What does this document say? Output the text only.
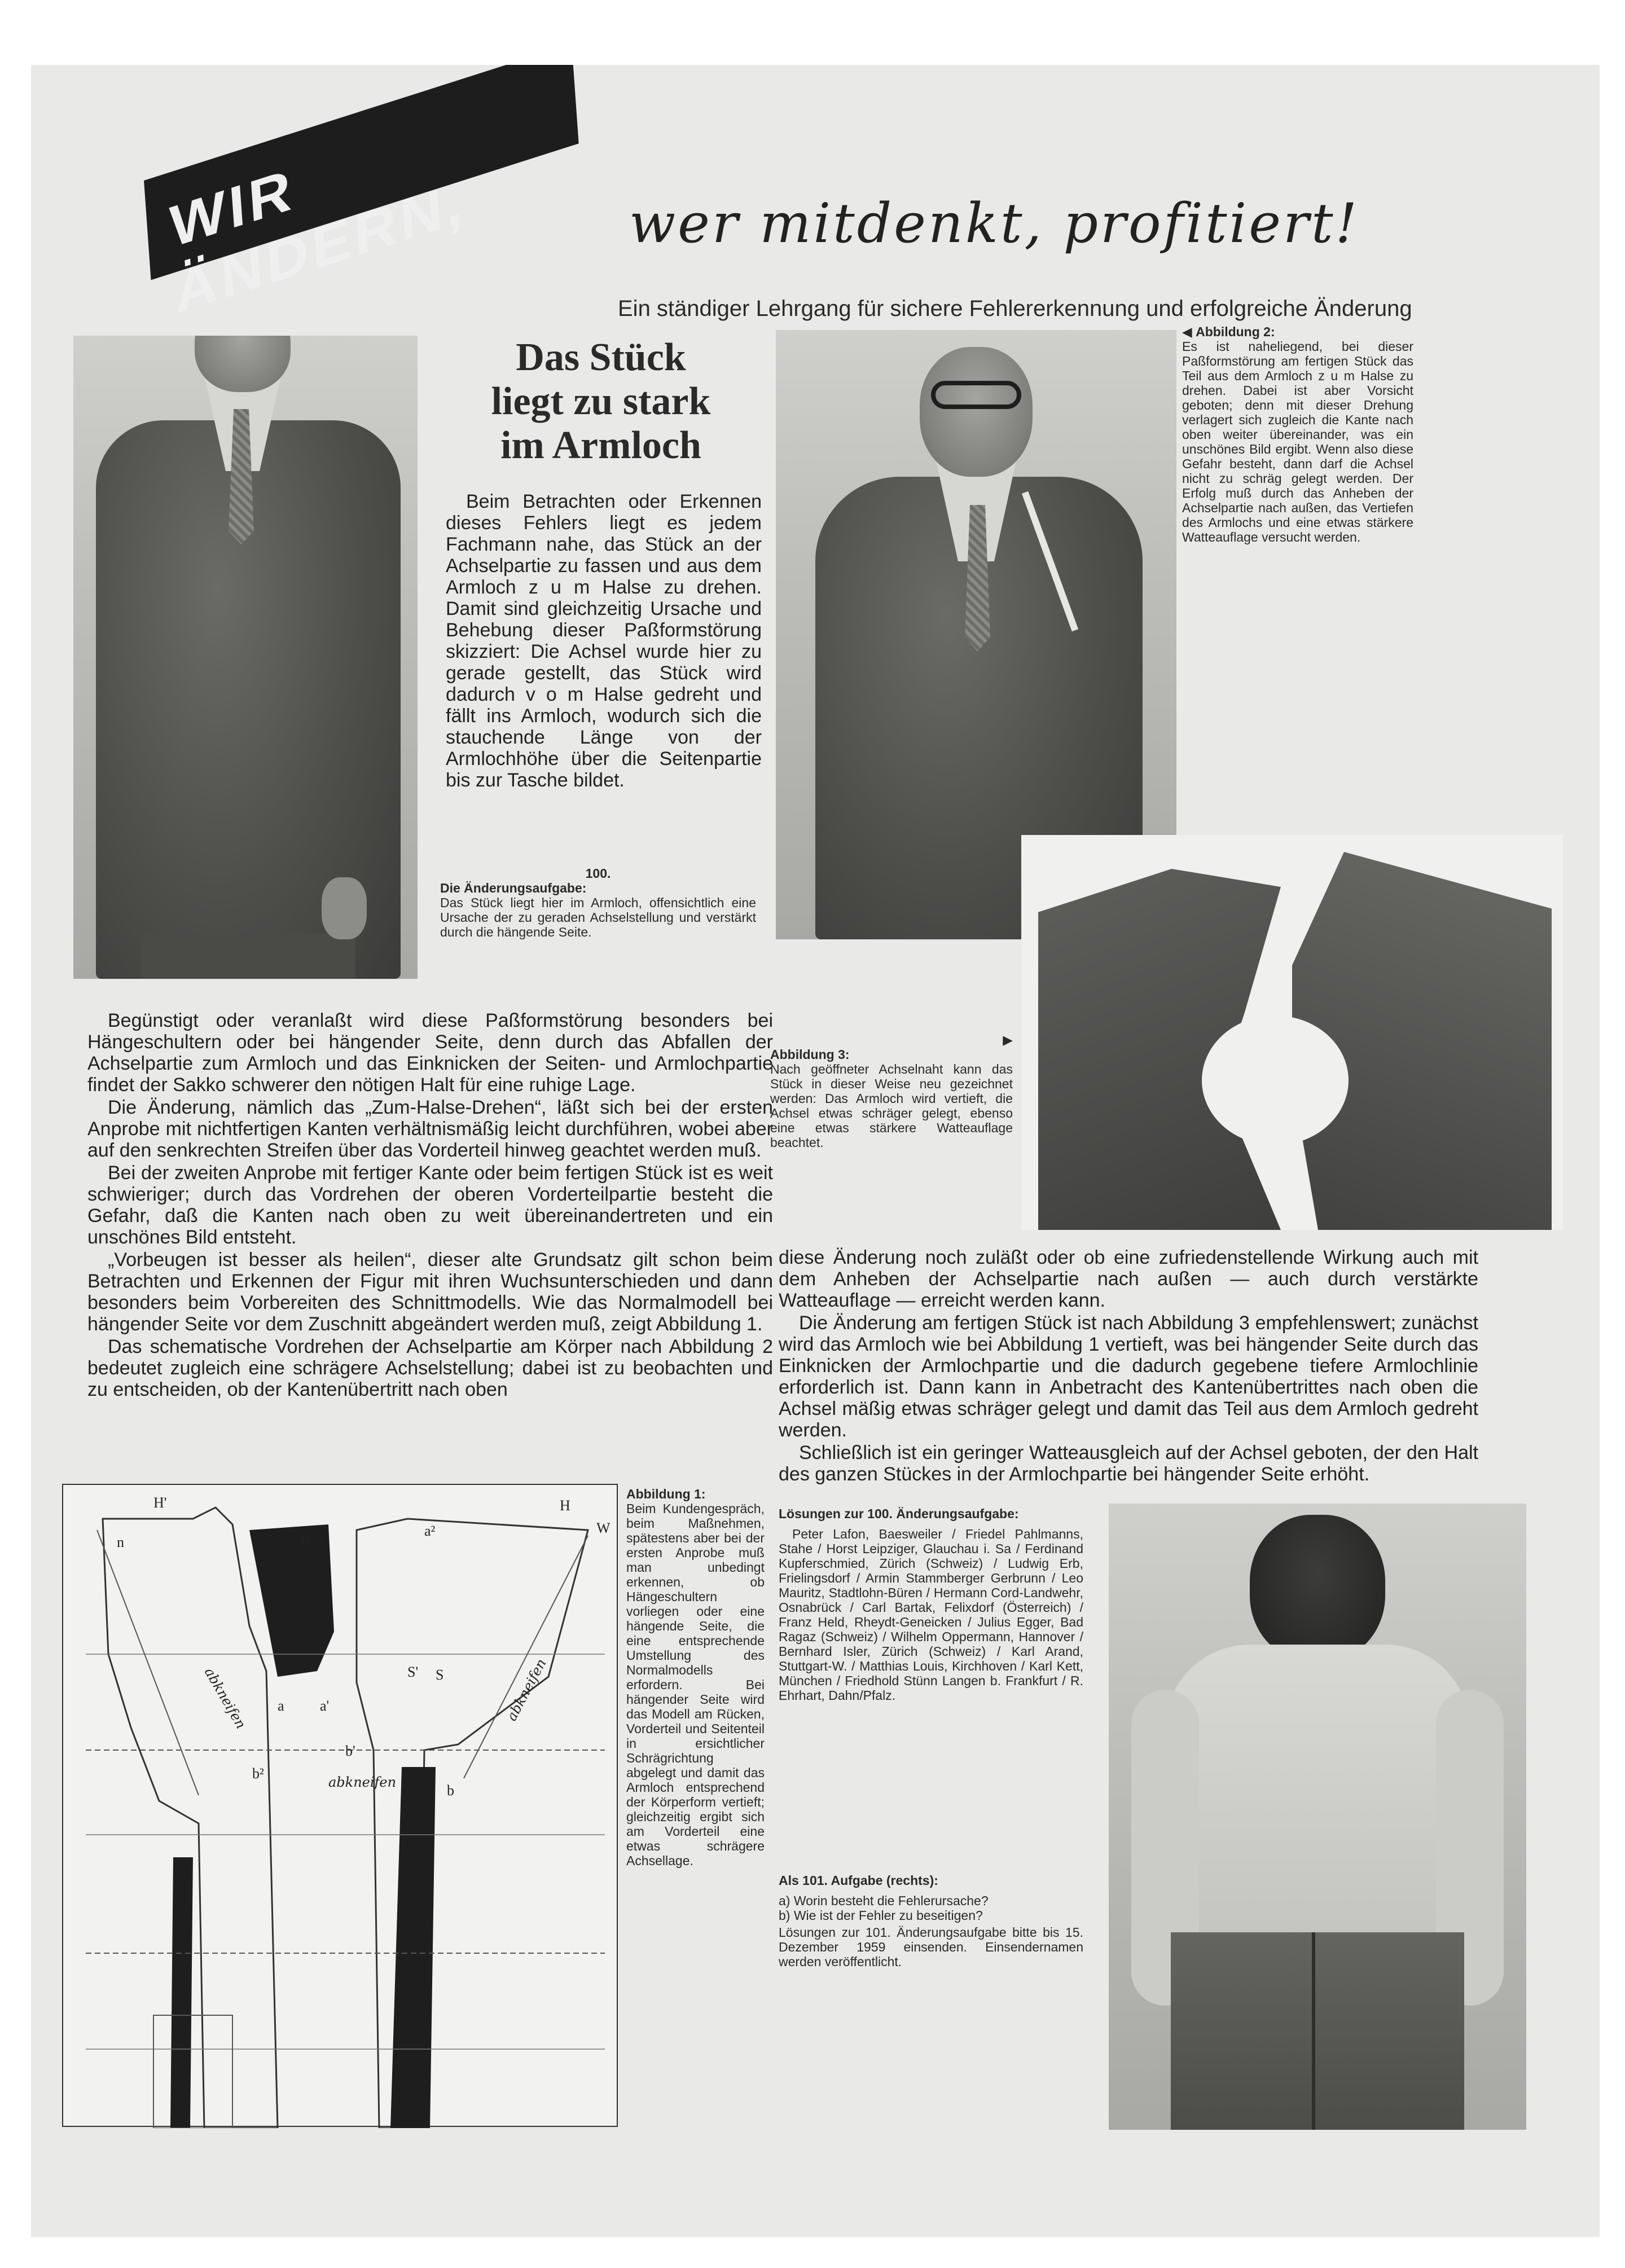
WIR ÄNDERN,	wer mitdenkt, profitiert!
Ein ständiger Lehrgang für sichere Fehlererkennung und erfolgreiche Änderung
Das Stück
liegt zu stark
im Armloch

Beim Betrachten oder Erkennen dieses Fehlers liegt es jedem Fachmann nahe, das Stück an der Achselpartie zu fassen und aus dem Armloch z u m Halse zu drehen. Damit sind gleichzeitig Ursache und Behebung dieser Paßformstörung skizziert: Die Achsel wurde hier zu gerade gestellt, das Stück wird dadurch v o m Halse gedreht und fällt ins Armloch, wodurch sich die stauchende Länge von der Armlochhöhe über die Seitenpartie bis zur Tasche bildet.

100.
Die Änderungsaufgabe:
Das Stück liegt hier im Armloch, offensichtlich eine Ursache der zu geraden Achselstellung und verstärkt durch die hängende Seite.
◀ Abbildung 2:
Es ist naheliegend, bei dieser Paßformstörung am fertigen Stück das Teil aus dem Armloch z u m Halse zu drehen. Dabei ist aber Vorsicht geboten; denn mit dieser Drehung verlagert sich zugleich die Kante nach oben weiter übereinander, was ein unschönes Bild ergibt. Wenn also diese Gefahr besteht, dann darf die Achsel nicht zu schräg gelegt werden. Der Erfolg muß durch das Anheben der Achselpartie nach außen, das Vertiefen des Armlochs und eine etwas stärkere Watteauflage versucht werden.
▶
Abbildung 3:
Nach geöffneter Achselnaht kann das Stück in dieser Weise neu gezeichnet werden: Das Armloch wird vertieft, die Achsel etwas schräger gelegt, ebenso eine etwas stärkere Watteauflage beachtet.

Begünstigt oder veranlaßt wird diese Paßformstörung besonders bei Hängeschultern oder bei hängender Seite, denn durch das Abfallen der Achselpartie zum Armloch und das Einknicken der Seiten- und Armlochpartie findet der Sakko schwerer den nötigen Halt für eine ruhige Lage.

Die Änderung, nämlich das „Zum-Halse-Drehen“, läßt sich bei der ersten Anprobe mit nichtfertigen Kanten verhältnismäßig leicht durchführen, wobei aber auf den senkrechten Streifen über das Vorderteil hinweg geachtet werden muß.

Bei der zweiten Anprobe mit fertiger Kante oder beim fertigen Stück ist es weit schwieriger; durch das Vordrehen der oberen Vorderteilpartie besteht die Gefahr, daß die Kanten nach oben zu weit übereinandertreten und ein unschönes Bild entsteht.

„Vorbeugen ist besser als heilen“, dieser alte Grundsatz gilt schon beim Betrachten und Erkennen der Figur mit ihren Wuchsunterschieden und dann besonders beim Vorbereiten des Schnittmodells. Wie das Normalmodell bei hängender Seite vor dem Zuschnitt abgeändert werden muß, zeigt Abbildung 1.

Das schematische Vordrehen der Achselpartie am Körper nach Abbildung 2 bedeutet zugleich eine schrägere Achselstellung; dabei ist zu beobachten und zu entscheiden, ob der Kantenübertritt nach oben

diese Änderung noch zuläßt oder ob eine zufriedenstellende Wirkung auch mit dem Anheben der Achselpartie nach außen — auch durch verstärkte Watteauflage — erreicht werden kann.

Die Änderung am fertigen Stück ist nach Abbildung 3 empfehlenswert; zunächst wird das Armloch wie bei Abbildung 1 vertieft, was bei hängender Seite durch das Einknicken der Armlochpartie und die dadurch gegebene tiefere Armlochlinie erforderlich ist. Dann kann in Anbetracht des Kantenübertrittes nach oben die Achsel mäßig etwas schräger gelegt und damit das Teil aus dem Armloch gedreht werden.

Schließlich ist ein geringer Watteausgleich auf der Achsel geboten, der den Halt des ganzen Stückes in der Armlochpartie bei hängender Seite erhöht.

H'	H
W
n	H²
a²
S' S
a a'
b²
b'
b
abkneifen
abkneifen	abkneifen
Abbildung 1:
Beim Kundengespräch, beim Maßnehmen, spätestens aber bei der ersten Anprobe muß man unbedingt erkennen, ob Hängeschultern vorliegen oder eine hängende Seite, die eine entsprechende Umstellung des Normalmodells erfordern. Bei hängender Seite wird das Modell am Rücken, Vorderteil und Seitenteil in ersichtlicher Schrägrichtung abgelegt und damit das Armloch entsprechend der Körperform vertieft; gleichzeitig ergibt sich am Vorderteil eine etwas schrägere Achsellage.
Lösungen zur 100. Änderungsaufgabe:
Peter Lafon, Baesweiler / Friedel Pahlmanns, Stahe / Horst Leipziger, Glauchau i. Sa / Ferdinand Kupferschmied, Zürich (Schweiz) / Ludwig Erb, Frielingsdorf / Armin Stammberger Gerbrunn / Leo Mauritz, Stadtlohn-Büren / Hermann Cord-Landwehr, Osnabrück / Carl Bartak, Felixdorf (Österreich) / Franz Held, Rheydt-Geneicken / Julius Egger, Bad Ragaz (Schweiz) / Wilhelm Oppermann, Hannover / Bernhard Isler, Zürich (Schweiz) / Karl Arand, Stuttgart-W. / Matthias Louis, Kirchhoven / Karl Kett, München / Friedhold Stünn Langen b. Frankfurt / R. Ehrhart, Dahn/Pfalz.
Als 101. Aufgabe (rechts):
a) Worin besteht die Fehlerursache?
b) Wie ist der Fehler zu beseitigen?
Lösungen zur 101. Änderungsaufgabe bitte bis 15. Dezember 1959 einsenden. Einsendernamen werden veröffentlicht.
